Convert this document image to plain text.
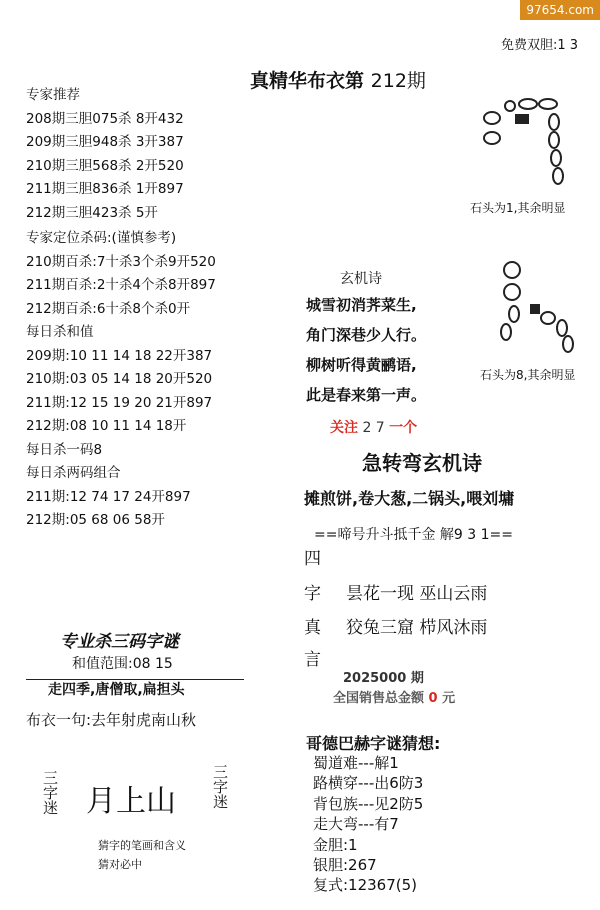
97654.com
免费双胆:1 3
真精华布衣第 212期
专家推荐
208期三胆075杀 8开432
209期三胆948杀 3开387
210期三胆568杀 2开520
211期三胆836杀 1开897
212期三胆423杀 5开
专家定位杀码:(谨慎参考)
210期百杀:7十杀3个杀9开520
211期百杀:2十杀4个杀8开897
212期百杀:6十杀8个杀0开
每日杀和值
209期:10 11 14 18 22开387
210期:03 05 14 18 20开520
211期:12 15 19 20 21开897
212期:08 10 11 14 18开
每日杀一码8
每日杀两码组合
211期:12 74 17 24开897
212期:05 68 06 58开
石头为1,其余明显
石头为8,其余明显
玄机诗
城雪初消荠菜生,
角门深巷少人行。
柳树听得黄鹂语,
此是春来第一声。
关注 2 7 一个
急转弯玄机诗
摊煎饼,卷大葱,二锅头,喂刘墉
==啼号升斗抵千金 解9 3 1==
四
字
真
言
昙花一现 巫山云雨
狡兔三窟 栉风沐雨
2025000 期
全国销售总金额 0 元
哥德巴赫字谜猜想:
蜀道难---解1
路横穿---出6防3
背包族---见2防5
走大弯---有7
金胆:1
银胆:267
复式:12367(5)
专业杀三码字谜
和值范围:08 15
走四季,唐僧取,扁担头
布衣一句:去年射虎南山秋
三字迷	三字迷
月上山
猜字的笔画和含义
猜对必中
